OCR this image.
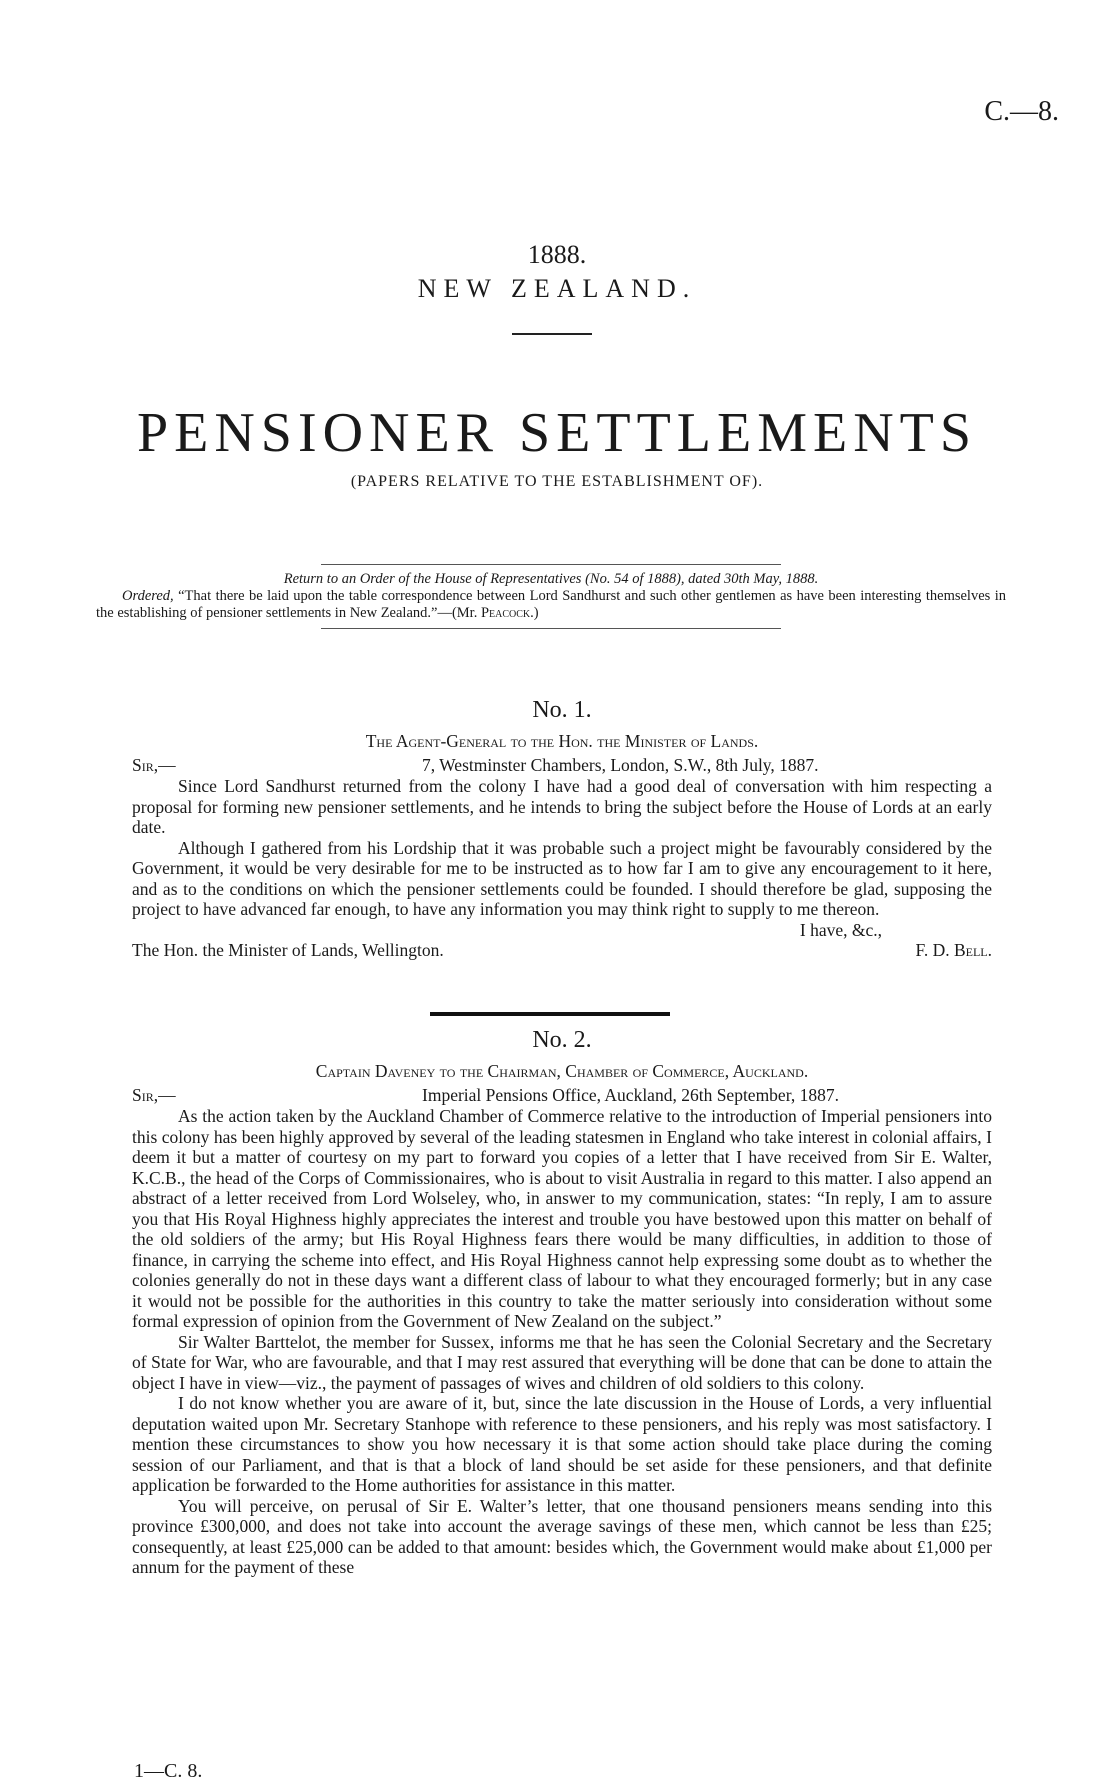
C.—8.
1888.
NEW ZEALAND.
PENSIONER SETTLEMENTS
(PAPERS RELATIVE TO THE ESTABLISHMENT OF).
Return to an Order of the House of Representatives (No. 54 of 1888), dated 30th May, 1888.
Ordered, “That there be laid upon the table correspondence between Lord Sandhurst and such other gentlemen as have been interesting themselves in the establishing of pensioner settlements in New Zealand.”—(Mr. Peacock.)
No. 1.
The Agent-General to the Hon. the Minister of Lands.
Sir,—	7, Westminster Chambers, London, S.W., 8th July, 1887.

Since Lord Sandhurst returned from the colony I have had a good deal of conversation with him respecting a proposal for forming new pensioner settlements, and he intends to bring the subject before the House of Lords at an early date.

Although I gathered from his Lordship that it was probable such a project might be favourably considered by the Government, it would be very desirable for me to be instructed as to how far I am to give any encouragement to it here, and as to the conditions on which the pensioner settlements could be founded. I should therefore be glad, supposing the project to have advanced far enough, to have any information you may think right to supply to me thereon.

I have, &c.,
The Hon. the Minister of Lands, Wellington.	F. D. Bell.
No. 2.
Captain Daveney to the Chairman, Chamber of Commerce, Auckland.
Sir,—	Imperial Pensions Office, Auckland, 26th September, 1887.

As the action taken by the Auckland Chamber of Commerce relative to the introduction of Imperial pensioners into this colony has been highly approved by several of the leading statesmen in England who take interest in colonial affairs, I deem it but a matter of courtesy on my part to forward you copies of a letter that I have received from Sir E. Walter, K.C.B., the head of the Corps of Commissionaires, who is about to visit Australia in regard to this matter. I also append an abstract of a letter received from Lord Wolseley, who, in answer to my communication, states: “In reply, I am to assure you that His Royal Highness highly appreciates the interest and trouble you have bestowed upon this matter on behalf of the old soldiers of the army; but His Royal Highness fears there would be many difficulties, in addition to those of finance, in carrying the scheme into effect, and His Royal Highness cannot help expressing some doubt as to whether the colonies generally do not in these days want a different class of labour to what they encouraged formerly; but in any case it would not be possible for the authorities in this country to take the matter seriously into consideration without some formal expression of opinion from the Government of New Zealand on the subject.”

Sir Walter Barttelot, the member for Sussex, informs me that he has seen the Colonial Secretary and the Secretary of State for War, who are favourable, and that I may rest assured that everything will be done that can be done to attain the object I have in view—viz., the payment of passages of wives and children of old soldiers to this colony.

I do not know whether you are aware of it, but, since the late discussion in the House of Lords, a very influential deputation waited upon Mr. Secretary Stanhope with reference to these pensioners, and his reply was most satisfactory. I mention these circumstances to show you how necessary it is that some action should take place during the coming session of our Parliament, and that is that a block of land should be set aside for these pensioners, and that definite application be forwarded to the Home authorities for assistance in this matter.

You will perceive, on perusal of Sir E. Walter’s letter, that one thousand pensioners means sending into this province £300,000, and does not take into account the average savings of these men, which cannot be less than £25; consequently, at least £25,000 can be added to that amount: besides which, the Government would make about £1,000 per annum for the payment of these

1—C. 8.
